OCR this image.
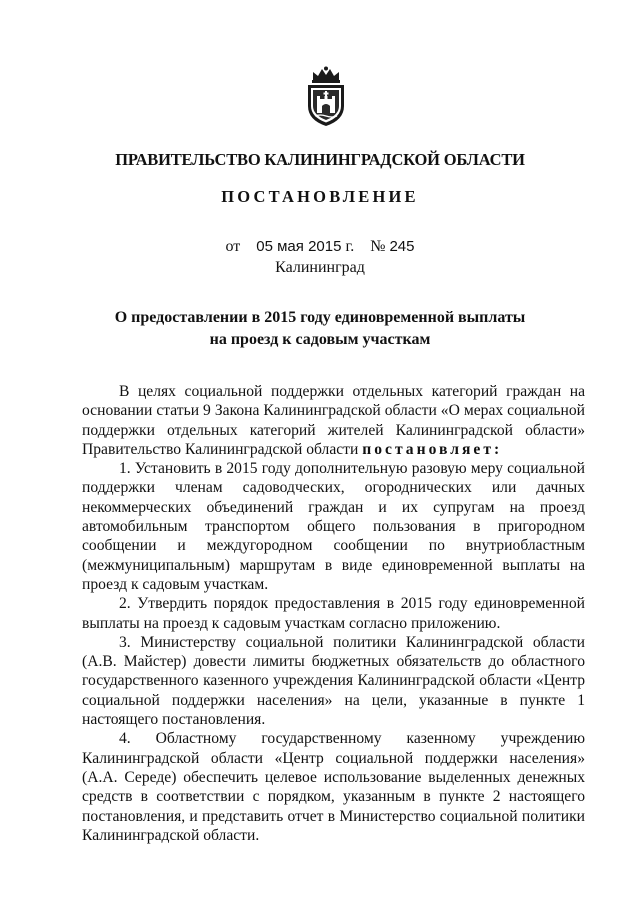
ПРАВИТЕЛЬСТВО КАЛИНИНГРАДСКОЙ ОБЛАСТИ
ПОСТАНОВЛЕНИЕ
от 05 мая 2015 г. № 245
Калининград
О предоставлении в 2015 году единовременной выплаты
на проезд к садовым участкам

В целях социальной поддержки отдельных категорий граждан на основании статьи 9 Закона Калининградской области «О мерах социальной поддержки отдельных категорий жителей Калининградской области» Правительство Калининградской области постановляет:

1. Установить в 2015 году дополнительную разовую меру социальной поддержки членам садоводческих, огороднических или дачных некоммерческих объединений граждан и их супругам на проезд автомобильным транспортом общего пользования в пригородном сообщении и междугородном сообщении по внутриобластным (межмуниципальным) маршрутам в виде единовременной выплаты на проезд к садовым участкам.

2. Утвердить порядок предоставления в 2015 году единовременной выплаты на проезд к садовым участкам согласно приложению.

3. Министерству социальной политики Калининградской области (А.В. Майстер) довести лимиты бюджетных обязательств до областного государственного казенного учреждения Калининградской области «Центр социальной поддержки населения» на цели, указанные в пункте 1 настоящего постановления.

4. Областному государственному казенному учреждению Калининградской области «Центр социальной поддержки населения» (А.А. Середе) обеспечить целевое использование выделенных денежных средств в соответствии с порядком, указанным в пункте 2 настоящего постановления, и представить отчет в Министерство социальной политики Калининградской области.
